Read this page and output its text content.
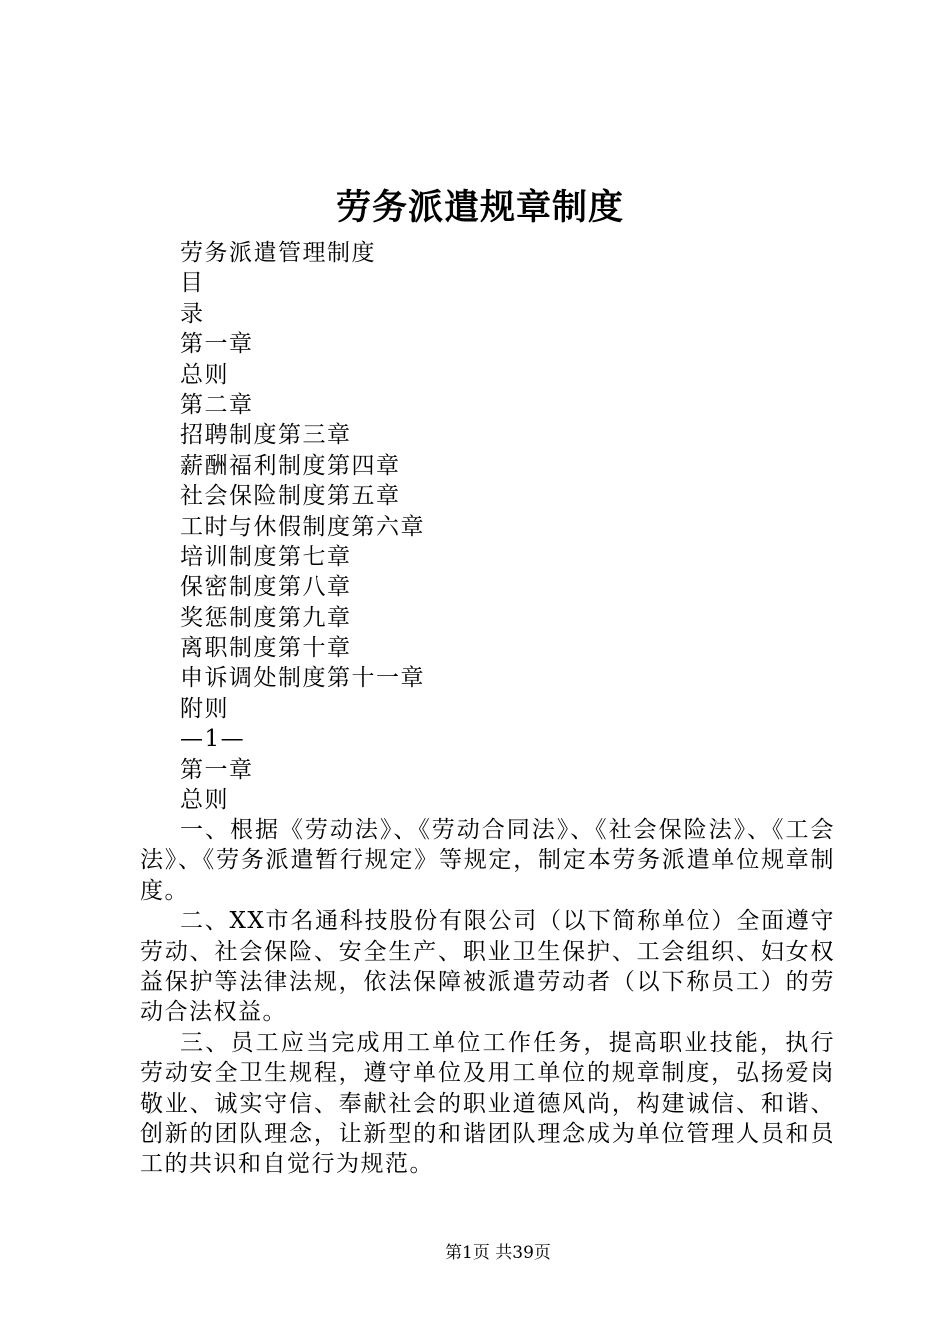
劳务派遣规章制度
劳务派遣管理制度
目
录
第一章
总则
第二章
招聘制度第三章
薪酬福利制度第四章
社会保险制度第五章
工时与休假制度第六章
培训制度第七章
保密制度第八章
奖惩制度第九章
离职制度第十章
申诉调处制度第十一章
附则
—1—
第一章
总则

一、根据《劳动法》、《劳动合同法》、《社会保险法》、《工会法》、《劳务派遣暂行规定》等规定，制定本劳务派遣单位规章制度。

二、XX市名通科技股份有限公司（以下简称单位）全面遵守劳动、社会保险、安全生产、职业卫生保护、工会组织、妇女权益保护等法律法规，依法保障被派遣劳动者（以下称员工）的劳动合法权益。

三、员工应当完成用工单位工作任务，提高职业技能，执行劳动安全卫生规程，遵守单位及用工单位的规章制度，弘扬爱岗敬业、诚实守信、奉献社会的职业道德风尚，构建诚信、和谐、创新的团队理念，让新型的和谐团队理念成为单位管理人员和员工的共识和自觉行为规范。

第1页 共39页
